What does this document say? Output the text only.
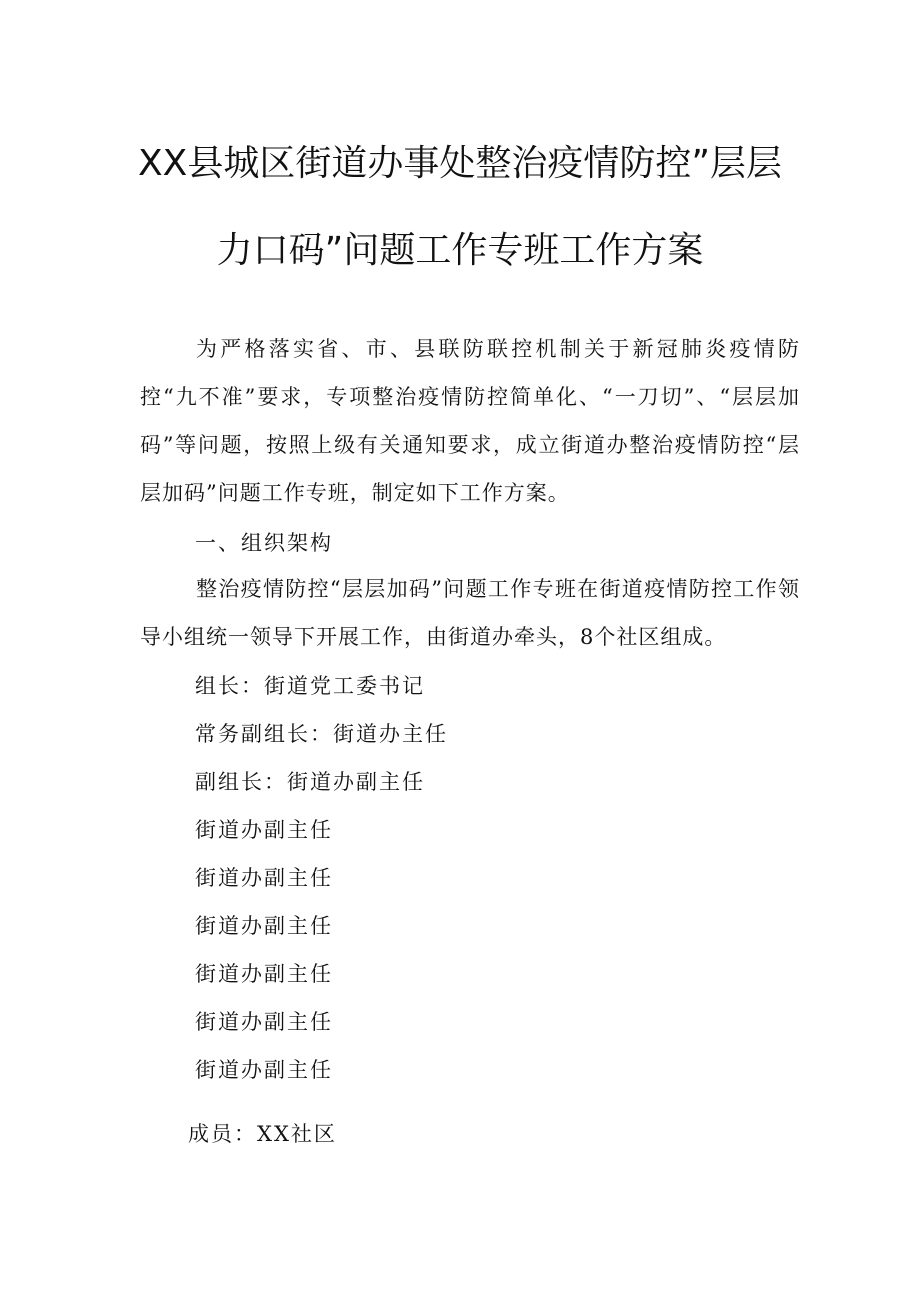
XX县城区街道办事处整治疫情防控”层层
力口码”问题工作专班工作方案
为严格落实省、市、县联防联控机制关于新冠肺炎疫情防控“九不准”要求，专项整治疫情防控简单化、“一刀切”、“层层加码”等问题，按照上级有关通知要求，成立街道办整治疫情防控“层层加码”问题工作专班，制定如下工作方案。
一、组织架构
整治疫情防控“层层加码”问题工作专班在街道疫情防控工作领导小组统一领导下开展工作，由街道办牵头，8个社区组成。
组长：街道党工委书记
常务副组长：街道办主任
副组长：街道办副主任
街道办副主任
街道办副主任
街道办副主任
街道办副主任
街道办副主任
街道办副主任
成员：XX社区
